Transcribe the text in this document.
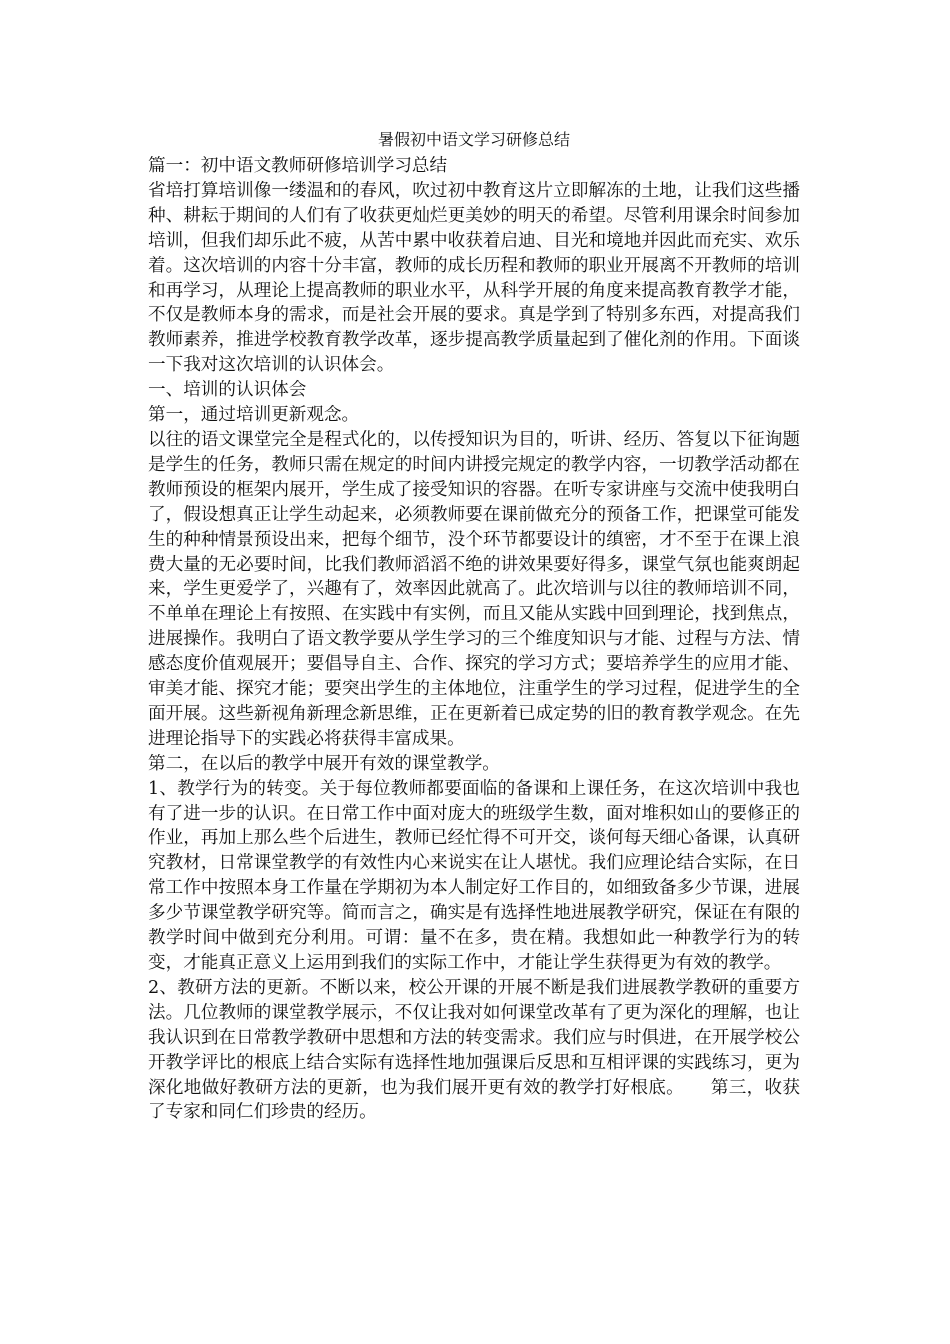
暑假初中语文学习研修总结

篇一：初中语文教师研修培训学习总结

省培打算培训像一缕温和的春风，吹过初中教育这片立即解冻的土地，让我们这些播种、耕耘于期间的人们有了收获更灿烂更美妙的明天的希望。尽管利用课余时间参加培训，但我们却乐此不疲，从苦中累中收获着启迪、目光和境地并因此而充实、欢乐着。这次培训的内容十分丰富，教师的成长历程和教师的职业开展离不开教师的培训和再学习，从理论上提高教师的职业水平，从科学开展的角度来提高教育教学才能，不仅是教师本身的需求，而是社会开展的要求。真是学到了特别多东西，对提高我们教师素养，推进学校教育教学改革，逐步提高教学质量起到了催化剂的作用。下面谈一下我对这次培训的认识体会。

一、培训的认识体会

第一，通过培训更新观念。

以往的语文课堂完全是程式化的，以传授知识为目的，听讲、经历、答复以下征询题是学生的任务，教师只需在规定的时间内讲授完规定的教学内容，一切教学活动都在教师预设的框架内展开，学生成了接受知识的容器。在听专家讲座与交流中使我明白了，假设想真正让学生动起来，必须教师要在课前做充分的预备工作，把课堂可能发生的种种情景预设出来，把每个细节，没个环节都要设计的缜密，才不至于在课上浪费大量的无必要时间，比我们教师滔滔不绝的讲效果要好得多，课堂气氛也能爽朗起来，学生更爱学了，兴趣有了，效率因此就高了。此次培训与以往的教师培训不同，不单单在理论上有按照、在实践中有实例，而且又能从实践中回到理论，找到焦点，进展操作。我明白了语文教学要从学生学习的三个维度知识与才能、过程与方法、情感态度价值观展开；要倡导自主、合作、探究的学习方式；要培养学生的应用才能、审美才能、探究才能；要突出学生的主体地位，注重学生的学习过程，促进学生的全面开展。这些新视角新理念新思维，正在更新着已成定势的旧的教育教学观念。在先进理论指导下的实践必将获得丰富成果。

第二，在以后的教学中展开有效的课堂教学。

1、教学行为的转变。关于每位教师都要面临的备课和上课任务，在这次培训中我也有了进一步的认识。在日常工作中面对庞大的班级学生数，面对堆积如山的要修正的作业，再加上那么些个后进生，教师已经忙得不可开交，谈何每天细心备课，认真研究教材，日常课堂教学的有效性内心来说实在让人堪忧。我们应理论结合实际，在日常工作中按照本身工作量在学期初为本人制定好工作目的，如细致备多少节课，进展多少节课堂教学研究等。简而言之，确实是有选择性地进展教学研究，保证在有限的教学时间中做到充分利用。可谓：量不在多，贵在精。我想如此一种教学行为的转变，才能真正意义上运用到我们的实际工作中，才能让学生获得更为有效的教学。

2、教研方法的更新。不断以来，校公开课的开展不断是我们进展教学教研的重要方法。几位教师的课堂教学展示，不仅让我对如何课堂改革有了更为深化的理解，也让我认识到在日常教学教研中思想和方法的转变需求。我们应与时俱进，在开展学校公开教学评比的根底上结合实际有选择性地加强课后反思和互相评课的实践练习，更为深化地做好教研方法的更新，也为我们展开更有效的教学打好根底。　　 第三，收获了专家和同仁们珍贵的经历。
